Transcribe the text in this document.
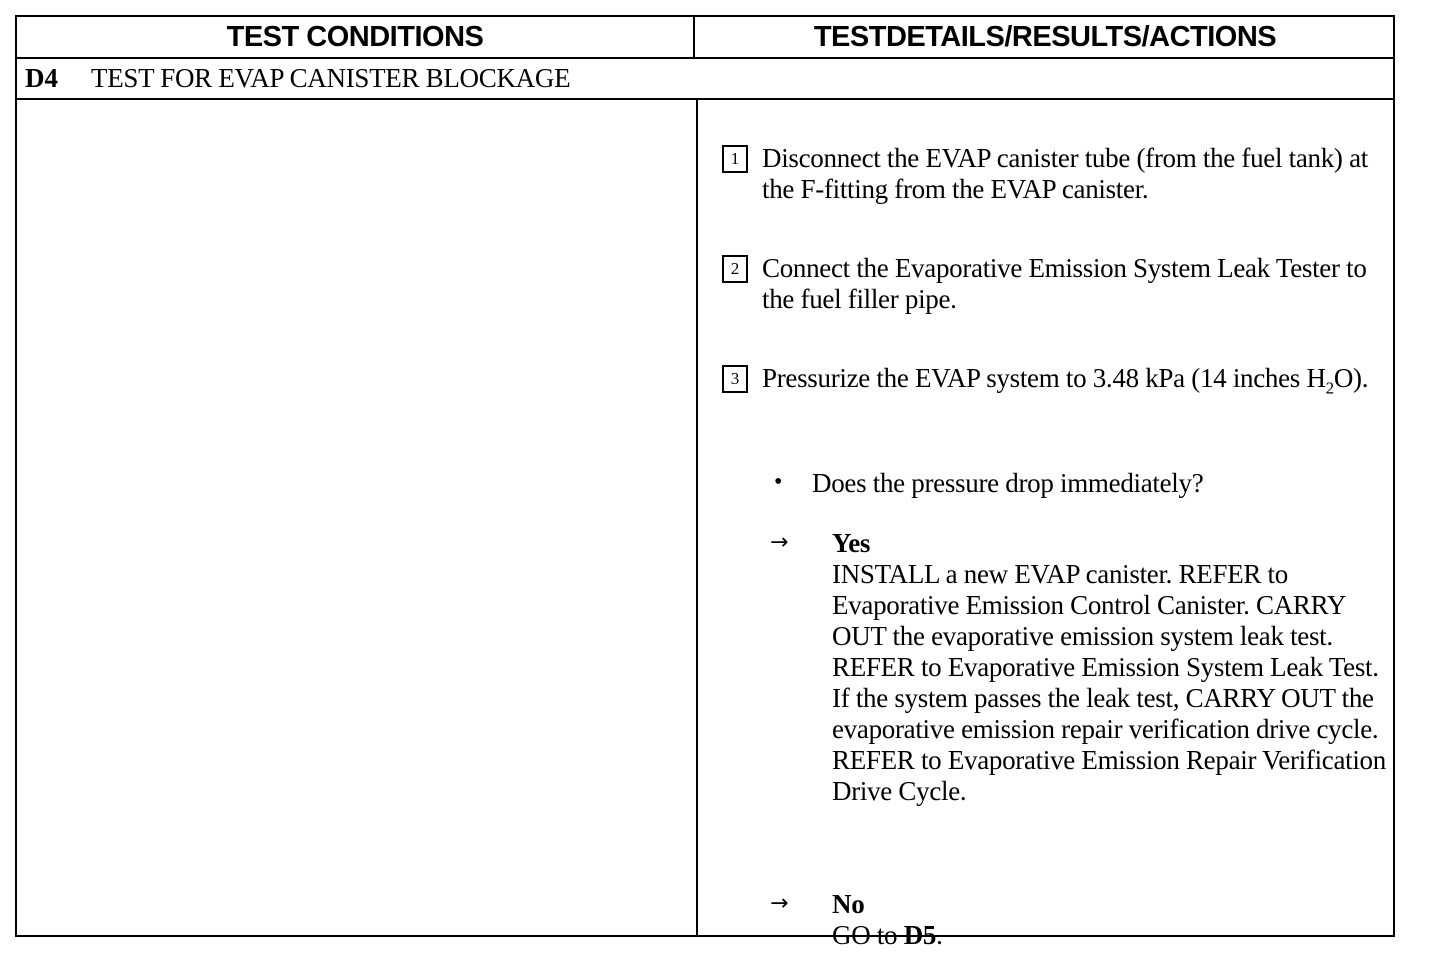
TEST CONDITIONS	TESTDETAILS/RESULTS/ACTIONS
D4 TEST FOR EVAP CANISTER BLOCKAGE
1 Disconnect the EVAP canister tube (from the fuel tank) at the F-fitting from the EVAP canister.
2 Connect the Evaporative Emission System Leak Tester to the fuel filler pipe.
3 Pressurize the EVAP system to 3.48 kPa (14 inches $H_2O$).
• Does the pressure drop immediately?
→ Yes
INSTALL a new EVAP canister. REFER to Evaporative Emission Control Canister. CARRY OUT the evaporative emission system leak test. REFER to Evaporative Emission System Leak Test. If the system passes the leak test, CARRY OUT the evaporative emission repair verification drive cycle. REFER to Evaporative Emission Repair Verification Drive Cycle.
→ No
GO to D5.
